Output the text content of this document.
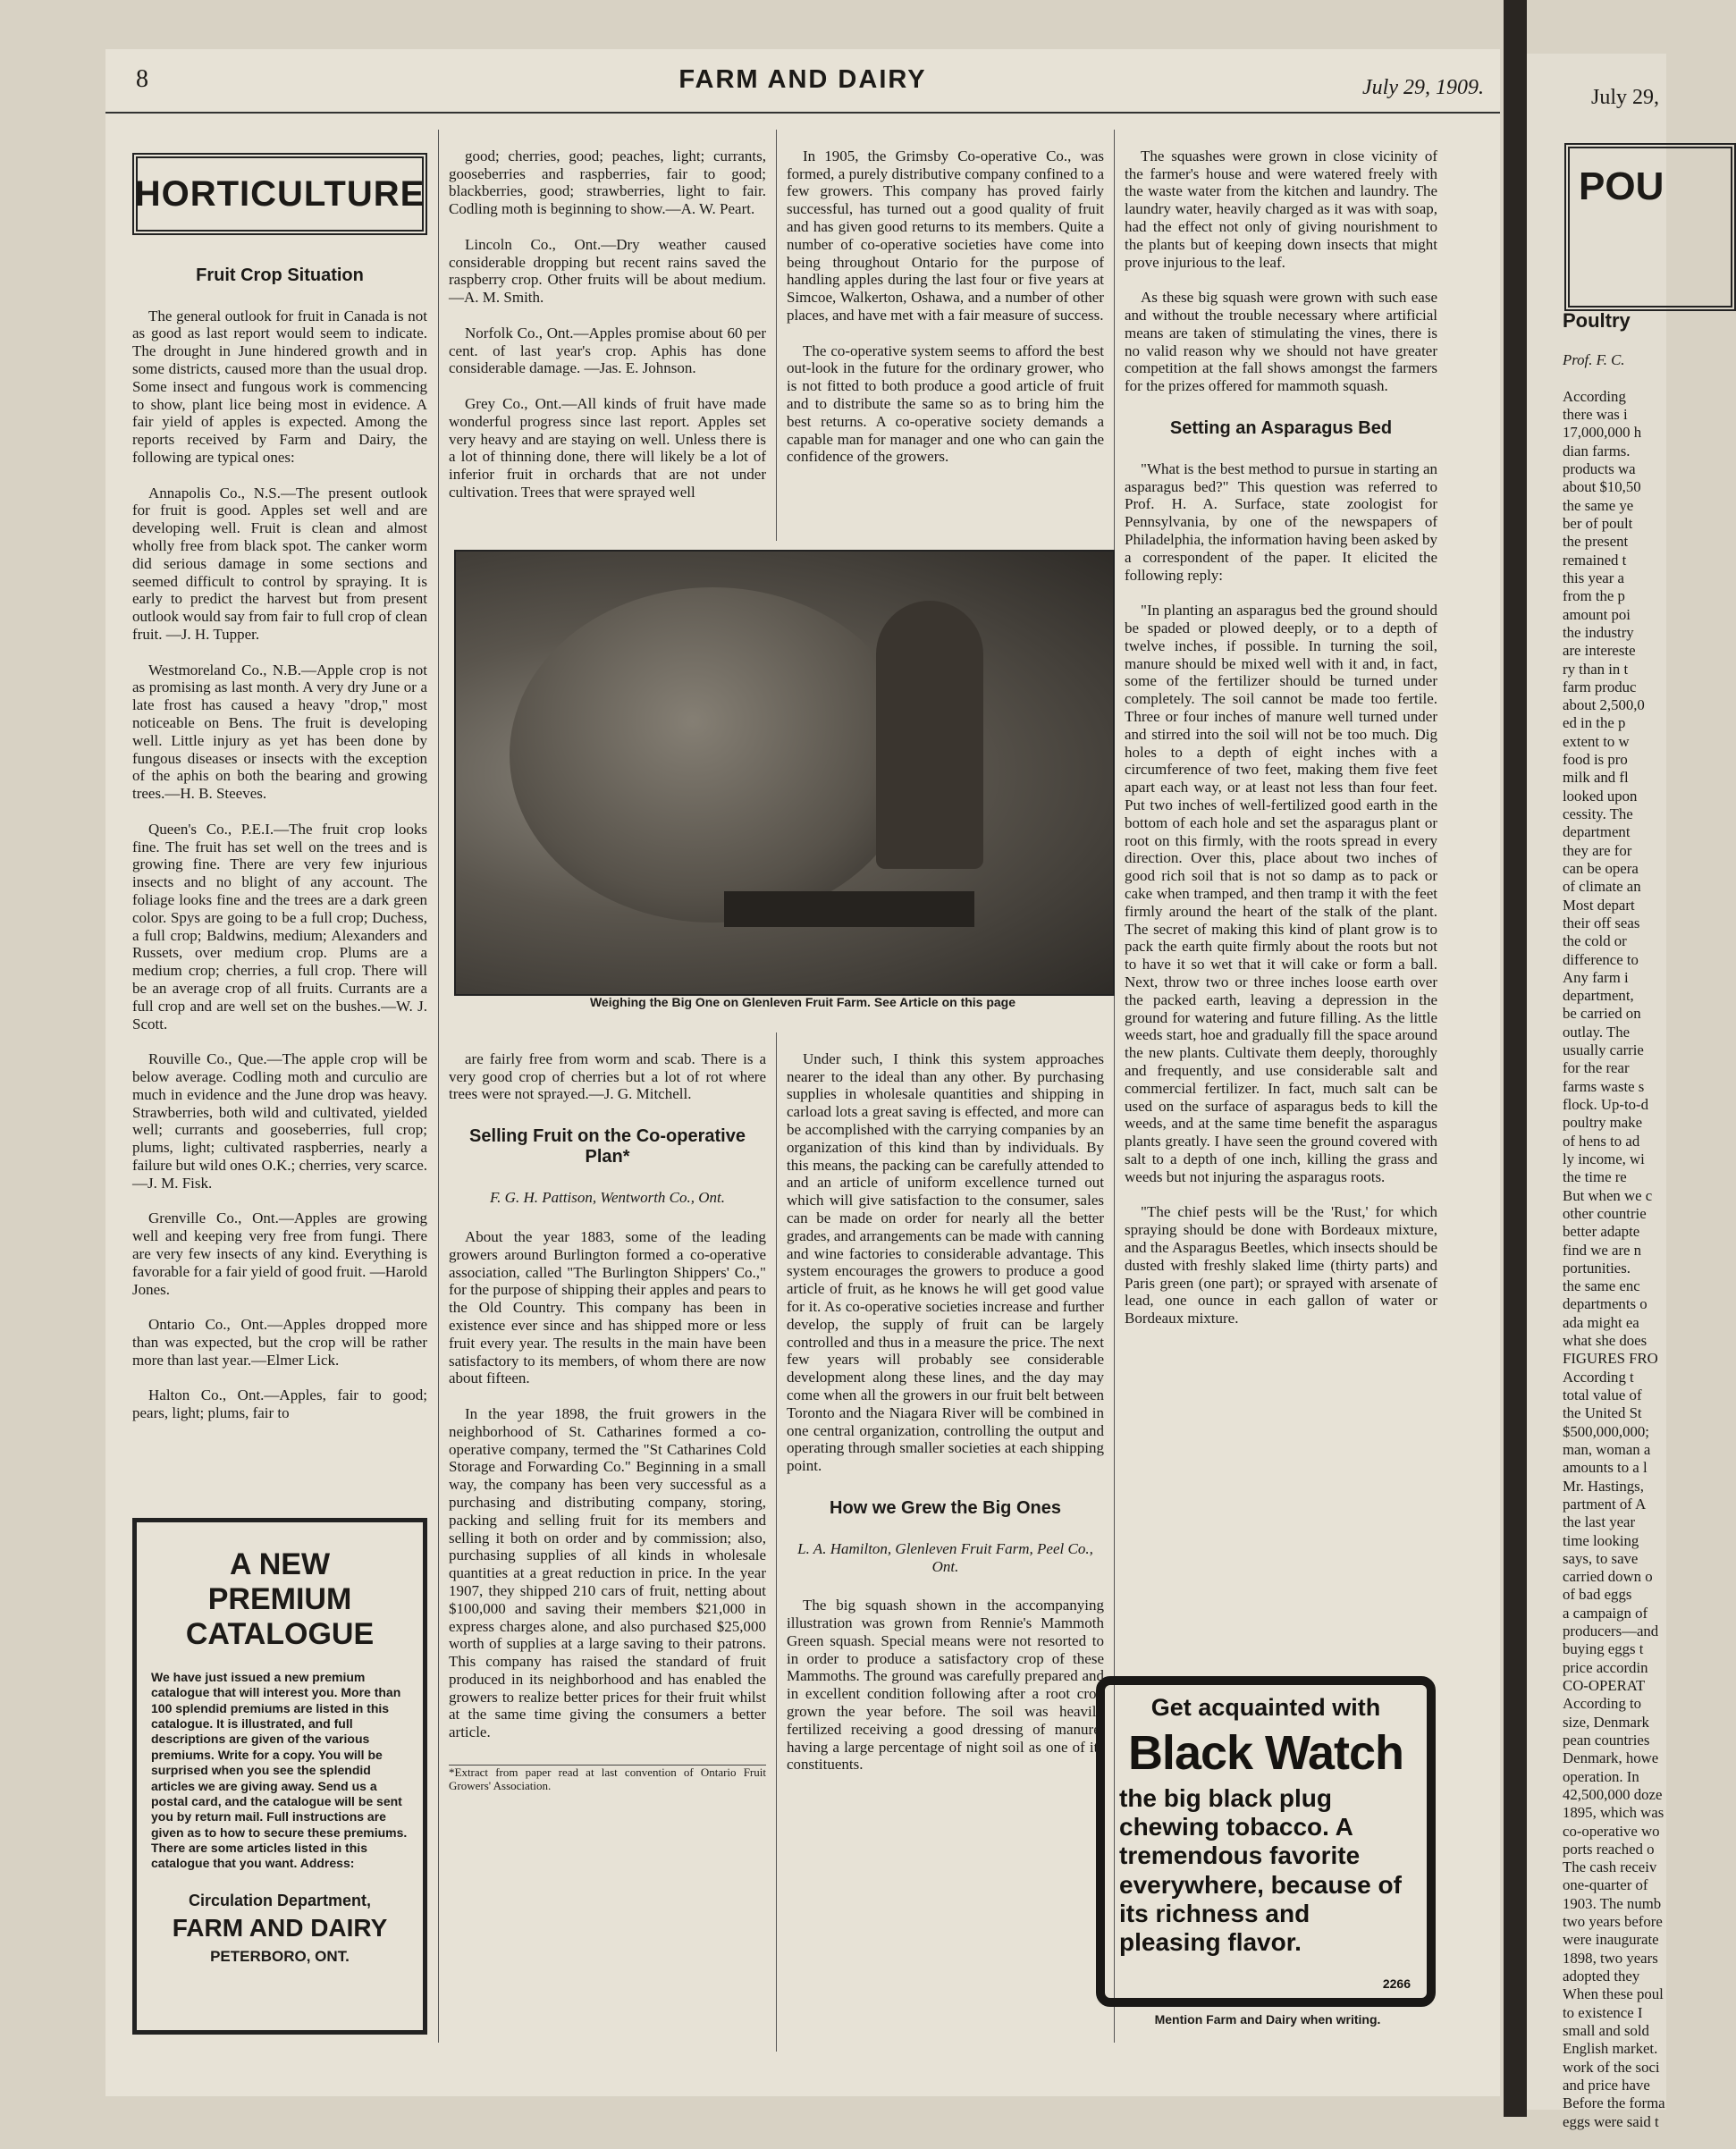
8	FARM AND DAIRY	July 29, 1909.

HORTICULTURE

Fruit Crop Situation

The general outlook for fruit in Canada is not as good as last report would seem to indicate. The drought in June hindered growth and in some districts, caused more than the usual drop. Some insect and fungous work is commencing to show, plant lice being most in evidence. A fair yield of apples is expected. Among the reports received by Farm and Dairy, the following are typical ones:

Annapolis Co., N.S.—The present outlook for fruit is good. Apples set well and are developing well. Fruit is clean and almost wholly free from black spot. The canker worm did serious damage in some sections and seemed difficult to control by spraying. It is early to predict the harvest but from present outlook would say from fair to full crop of clean fruit. —J. H. Tupper.

Westmoreland Co., N.B.—Apple crop is not as promising as last month. A very dry June or a late frost has caused a heavy "drop," most noticeable on Bens. The fruit is developing well. Little injury as yet has been done by fungous diseases or insects with the exception of the aphis on both the bearing and growing trees.—H. B. Steeves.

Queen's Co., P.E.I.—The fruit crop looks fine. The fruit has set well on the trees and is growing fine. There are very few injurious insects and no blight of any account. The foliage looks fine and the trees are a dark green color. Spys are going to be a full crop; Duchess, a full crop; Baldwins, medium; Alexanders and Russets, over medium crop. Plums are a medium crop; cherries, a full crop. There will be an average crop of all fruits. Currants are a full crop and are well set on the bushes.—W. J. Scott.

Rouville Co., Que.—The apple crop will be below average. Codling moth and curculio are much in evidence and the June drop was heavy. Strawberries, both wild and cultivated, yielded well; currants and gooseberries, full crop; plums, light; cultivated raspberries, nearly a failure but wild ones O.K.; cherries, very scarce.—J. M. Fisk.

Grenville Co., Ont.—Apples are growing well and keeping very free from fungi. There are very few insects of any kind. Everything is favorable for a fair yield of good fruit. —Harold Jones.

Ontario Co., Ont.—Apples dropped more than was expected, but the crop will be rather more than last year.—Elmer Lick.

Halton Co., Ont.—Apples, fair to good; pears, light; plums, fair to

good; cherries, good; peaches, light; currants, gooseberries and raspberries, fair to good; blackberries, good; strawberries, light to fair. Codling moth is beginning to show.—A. W. Peart.

Lincoln Co., Ont.—Dry weather caused considerable dropping but recent rains saved the raspberry crop. Other fruits will be about medium. —A. M. Smith.

Norfolk Co., Ont.—Apples promise about 60 per cent. of last year's crop. Aphis has done considerable damage. —Jas. E. Johnson.

Grey Co., Ont.—All kinds of fruit have made wonderful progress since last report. Apples set very heavy and are staying on well. Unless there is a lot of thinning done, there will likely be a lot of inferior fruit in orchards that are not under cultivation. Trees that were sprayed well

In 1905, the Grimsby Co-operative Co., was formed, a purely distributive company confined to a few growers. This company has proved fairly successful, has turned out a good quality of fruit and has given good returns to its members. Quite a number of co-operative societies have come into being throughout Ontario for the purpose of handling apples during the last four or five years at Simcoe, Walkerton, Oshawa, and a number of other places, and have met with a fair measure of success.

The co-operative system seems to afford the best out-look in the future for the ordinary grower, who is not fitted to both produce a good article of fruit and to distribute the same so as to bring him the best returns. A co-operative society demands a capable man for manager and one who can gain the confidence of the growers.

Weighing the Big One on Glenleven Fruit Farm. See Article on this page

The squashes were grown in close vicinity of the farmer's house and were watered freely with the waste water from the kitchen and laundry. The laundry water, heavily charged as it was with soap, had the effect not only of giving nourishment to the plants but of keeping down insects that might prove injurious to the leaf.

As these big squash were grown with such ease and without the trouble necessary where artificial means are taken of stimulating the vines, there is no valid reason why we should not have greater competition at the fall shows amongst the farmers for the prizes offered for mammoth squash.

Setting an Asparagus Bed

"What is the best method to pursue in starting an asparagus bed?" This question was referred to Prof. H. A. Surface, state zoologist for Pennsylvania, by one of the newspapers of Philadelphia, the information having been asked by a correspondent of the paper. It elicited the following reply:

"In planting an asparagus bed the ground should be spaded or plowed deeply, or to a depth of twelve inches, if possible. In turning the soil, manure should be mixed well with it and, in fact, some of the fertilizer should be turned under completely. The soil cannot be made too fertile. Three or four inches of manure well turned under and stirred into the soil will not be too much. Dig holes to a depth of eight inches with a circumference of two feet, making them five feet apart each way, or at least not less than four feet. Put two inches of well-fertilized good earth in the bottom of each hole and set the asparagus plant or root on this firmly, with the roots spread in every direction. Over this, place about two inches of good rich soil that is not so damp as to pack or cake when tramped, and then tramp it with the feet firmly around the heart of the stalk of the plant. The secret of making this kind of plant grow is to pack the earth quite firmly about the roots but not to have it so wet that it will cake or form a ball. Next, throw two or three inches loose earth over the packed earth, leaving a depression in the ground for watering and future filling. As the little weeds start, hoe and gradually fill the space around the new plants. Cultivate them deeply, thoroughly and frequently, and use considerable salt and commercial fertilizer. In fact, much salt can be used on the surface of asparagus beds to kill the weeds, and at the same time benefit the asparagus plants greatly. I have seen the ground covered with salt to a depth of one inch, killing the grass and weeds but not injuring the asparagus roots.

"The chief pests will be the 'Rust,' for which spraying should be done with Bordeaux mixture, and the Asparagus Beetles, which insects should be dusted with freshly slaked lime (thirty parts) and Paris green (one part); or sprayed with arsenate of lead, one ounce in each gallon of water or Bordeaux mixture.

are fairly free from worm and scab. There is a very good crop of cherries but a lot of rot where trees were not sprayed.—J. G. Mitchell.

Selling Fruit on the Co-operative Plan*

F. G. H. Pattison, Wentworth Co., Ont.

About the year 1883, some of the leading growers around Burlington formed a co-operative association, called "The Burlington Shippers' Co.," for the purpose of shipping their apples and pears to the Old Country. This company has been in existence ever since and has shipped more or less fruit every year. The results in the main have been satisfactory to its members, of whom there are now about fifteen.

In the year 1898, the fruit growers in the neighborhood of St. Catharines formed a co-operative company, termed the "St Catharines Cold Storage and Forwarding Co." Beginning in a small way, the company has been very successful as a purchasing and distributing company, storing, packing and selling fruit for its members and selling it both on order and by commission; also, purchasing supplies of all kinds in wholesale quantities at a great reduction in price. In the year 1907, they shipped 210 cars of fruit, netting about $100,000 and saving their members $21,000 in express charges alone, and also purchased $25,000 worth of supplies at a large saving to their patrons. This company has raised the standard of fruit produced in its neighborhood and has enabled the growers to realize better prices for their fruit whilst at the same time giving the consumers a better article.

*Extract from paper read at last convention of Ontario Fruit Growers' Association.

Under such, I think this system approaches nearer to the ideal than any other. By purchasing supplies in wholesale quantities and shipping in carload lots a great saving is effected, and more can be accomplished with the carrying companies by an organization of this kind than by individuals. By this means, the packing can be carefully attended to and an article of uniform excellence turned out which will give satisfaction to the consumer, sales can be made on order for nearly all the better grades, and arrangements can be made with canning and wine factories to considerable advantage. This system encourages the growers to produce a good article of fruit, as he knows he will get good value for it. As co-operative societies increase and further develop, the supply of fruit can be largely controlled and thus in a measure the price. The next few years will probably see considerable development along these lines, and the day may come when all the growers in our fruit belt between Toronto and the Niagara River will be combined in one central organization, controlling the output and operating through smaller societies at each shipping point.

How we Grew the Big Ones

L. A. Hamilton, Glenleven Fruit Farm, Peel Co., Ont.

The big squash shown in the accompanying illustration was grown from Rennie's Mammoth Green squash. Special means were not resorted to in order to produce a satisfactory crop of these Mammoths. The ground was carefully prepared and in excellent condition following after a root crop grown the year before. The soil was heavily fertilized receiving a good dressing of manure, having a large percentage of night soil as one of its constituents.

A NEW
PREMIUM CATALOGUE
We have just issued a new premium catalogue that will interest you. More than 100 splendid premiums are listed in this catalogue. It is illustrated, and full descriptions are given of the various premiums. Write for a copy. You will be surprised when you see the splendid articles we are giving away. Send us a postal card, and the catalogue will be sent you by return mail. Full instructions are given as to how to secure these premiums. There are some articles listed in this catalogue that you want. Address:
Circulation Department,
FARM AND DAIRY
PETERBORO, ONT.
Get acquainted with
Black Watch
the big black plug chewing tobacco. A tremendous favorite everywhere, because of its richness and pleasing flavor.
2266
Mention Farm and Dairy when writing.
July 29,
POU

Poultry

Prof. F. C.

According
there was i
17,000,000 h
dian farms.
products wa
about $10,50
the same ye
ber of poult
the present
remained t
this year a
from the p
amount poi
the industry
are intereste
ry than in t
farm produc
about 2,500,0
ed in the p
extent to w
food is pro
milk and fl
looked upon
cessity. The
department
they are for
can be opera
of climate an
Most depart
their off seas
the cold or
difference to
Any farm i
department,
be carried on
outlay. The
usually carrie
for the rear
farms waste s
flock. Up-to-d
poultry make
of hens to ad
ly income, wi
the time re
But when we c
other countrie
better adapte
find we are n
portunities.
the same enc
departments o
ada might ea
what she does
FIGURES FRO
According t
total value of
the United St
$500,000,000;
man, woman a
amounts to a l
Mr. Hastings,
partment of A
the last year
time looking
says, to save
carried down o
of bad eggs
a campaign of
producers—and
buying eggs t
price accordin
CO-OPERAT
According to
size, Denmark
pean countries
Denmark, howe
operation. In
42,500,000 doze
1895, which was
co-operative wo
ports reached o
The cash receiv
one-quarter of
1903. The numb
two years before
were inaugurate
1898, two years
adopted they
When these poul
to existence I
small and sold
English market.
work of the soci
and price have
Before the forma
eggs were said t
